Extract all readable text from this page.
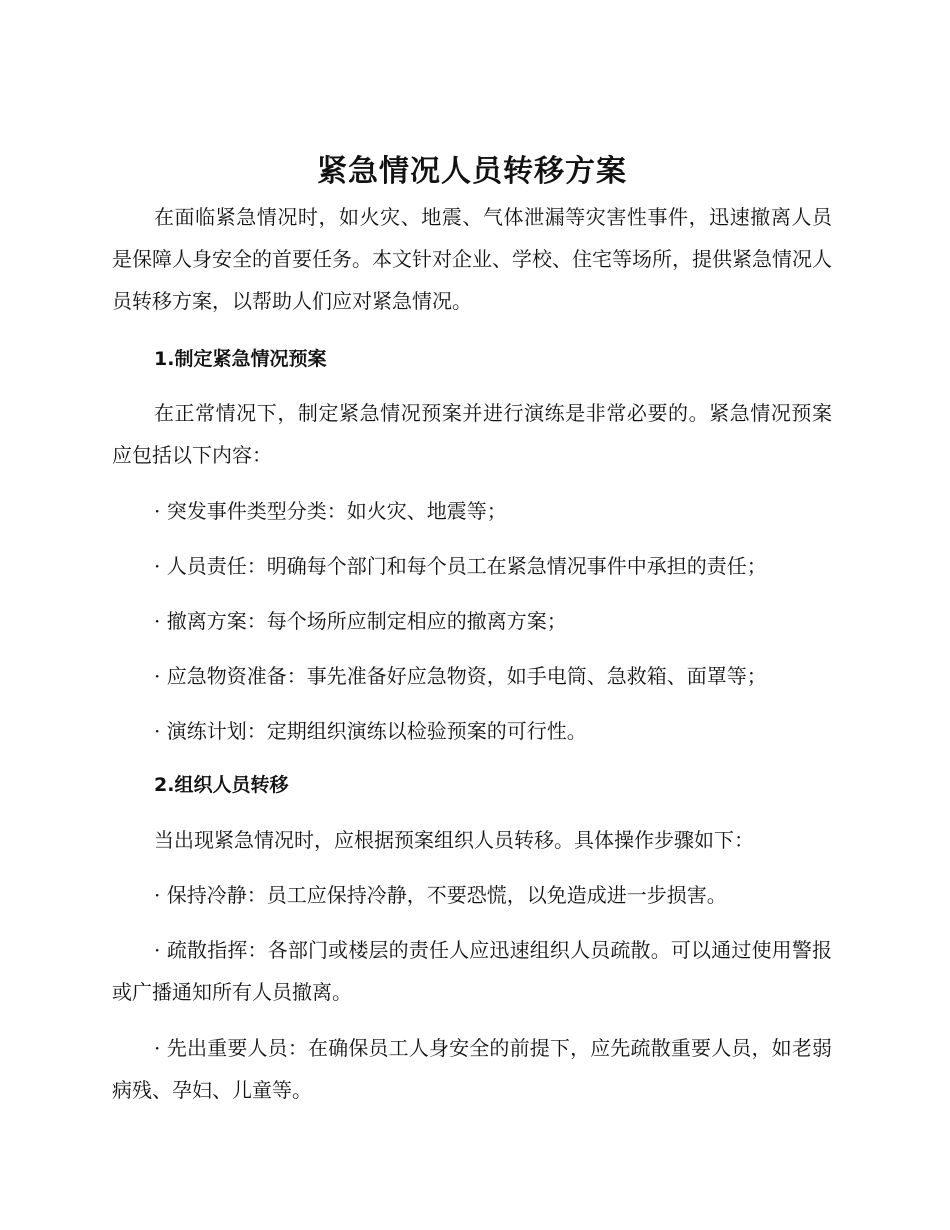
紧急情况人员转移方案

在面临紧急情况时，如火灾、地震、气体泄漏等灾害性事件，迅速撤离人员是保障人身安全的首要任务。本文针对企业、学校、住宅等场所，提供紧急情况人员转移方案，以帮助人们应对紧急情况。

1.制定紧急情况预案

在正常情况下，制定紧急情况预案并进行演练是非常必要的。紧急情况预案应包括以下内容：

· 突发事件类型分类：如火灾、地震等；

· 人员责任：明确每个部门和每个员工在紧急情况事件中承担的责任；

· 撤离方案：每个场所应制定相应的撤离方案；

· 应急物资准备：事先准备好应急物资，如手电筒、急救箱、面罩等；

· 演练计划：定期组织演练以检验预案的可行性。

2.组织人员转移

当出现紧急情况时，应根据预案组织人员转移。具体操作步骤如下：

· 保持冷静：员工应保持冷静，不要恐慌，以免造成进一步损害。

· 疏散指挥：各部门或楼层的责任人应迅速组织人员疏散。可以通过使用警报或广播通知所有人员撤离。

· 先出重要人员：在确保员工人身安全的前提下，应先疏散重要人员，如老弱病残、孕妇、儿童等。
